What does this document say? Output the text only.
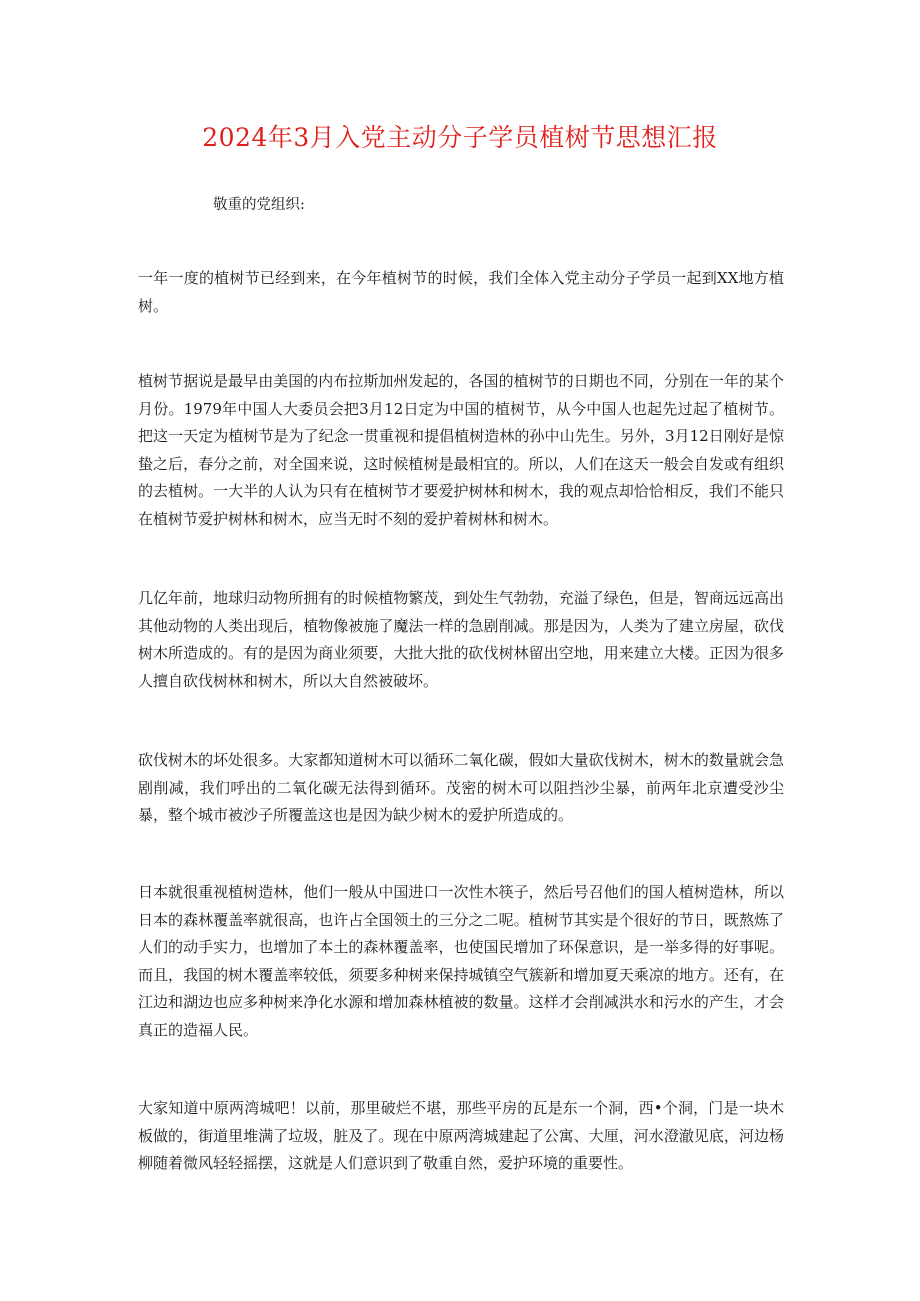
2024年3月入党主动分子学员植树节思想汇报

敬重的党组织:

一年一度的植树节已经到来，在今年植树节的时候，我们全体入党主动分子学员一起到XX地方植树。

植树节据说是最早由美国的内布拉斯加州发起的，各国的植树节的日期也不同，分别在一年的某个月份。1979年中国人大委员会把3月12日定为中国的植树节，从今中国人也起先过起了植树节。把这一天定为植树节是为了纪念一贯重视和提倡植树造林的孙中山先生。另外，3月12日刚好是惊蛰之后，春分之前，对全国来说，这时候植树是最相宜的。所以，人们在这天一般会自发或有组织的去植树。一大半的人认为只有在植树节才要爱护树林和树木，我的观点却恰恰相反，我们不能只在植树节爱护树林和树木，应当无时不刻的爱护着树林和树木。

几亿年前，地球归动物所拥有的时候植物繁茂，到处生气勃勃，充溢了绿色，但是，智商远远高出其他动物的人类出现后，植物像被施了魔法一样的急剧削减。那是因为，人类为了建立房屋，砍伐树木所造成的。有的是因为商业须要，大批大批的砍伐树林留出空地，用来建立大楼。正因为很多人擅自砍伐树林和树木，所以大自然被破坏。

砍伐树木的坏处很多。大家都知道树木可以循环二氧化碳，假如大量砍伐树木，树木的数量就会急剧削减，我们呼出的二氧化碳无法得到循环。茂密的树木可以阻挡沙尘暴，前两年北京遭受沙尘暴，整个城市被沙子所覆盖这也是因为缺少树木的爱护所造成的。

日本就很重视植树造林，他们一般从中国进口一次性木筷子，然后号召他们的国人植树造林，所以日本的森林覆盖率就很高，也许占全国领土的三分之二呢。植树节其实是个很好的节日，既熬炼了人们的动手实力，也增加了本土的森林覆盖率，也使国民增加了环保意识，是一举多得的好事呢。而且，我国的树木覆盖率较低，须要多种树来保持城镇空气簇新和增加夏天乘凉的地方。还有，在江边和湖边也应多种树来净化水源和增加森林植被的数量。这样才会削减洪水和污水的产生，才会真正的造福人民。

大家知道中原两湾城吧！以前，那里破烂不堪，那些平房的瓦是东一个洞，西•个洞，门是一块木板做的，街道里堆满了垃圾，脏及了。现在中原两湾城建起了公寓、大厘，河水澄澈见底，河边杨柳随着微风轻轻摇摆，这就是人们意识到了敬重自然，爱护环境的重要性。
